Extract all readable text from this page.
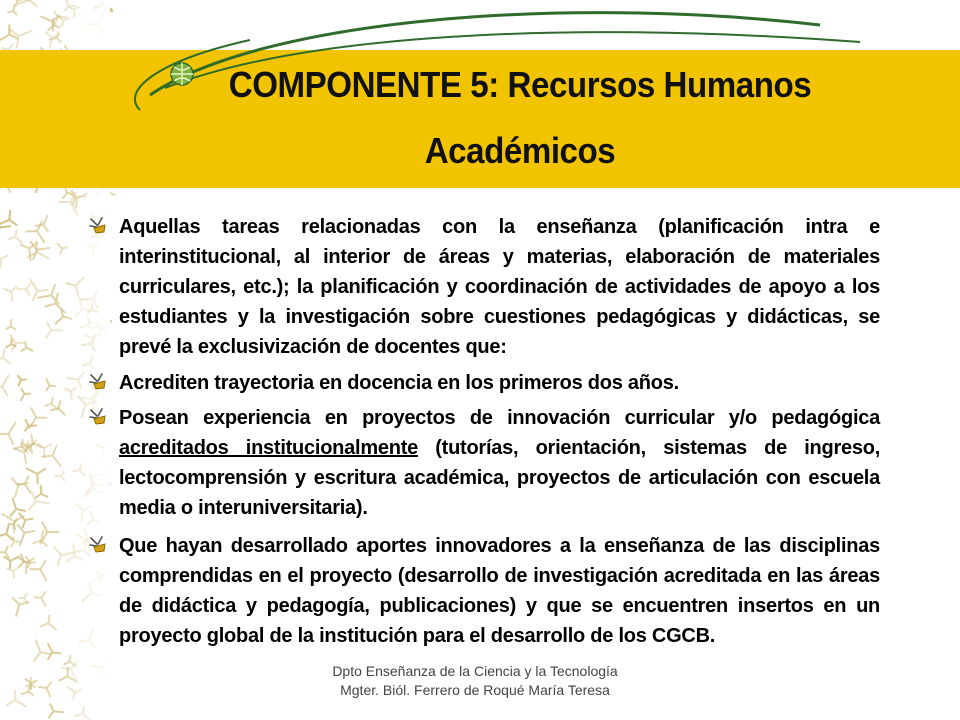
COMPONENTE 5: Recursos Humanos
Académicos
Aquellas tareas relacionadas con la enseñanza (planificación intra e interinstitucional, al interior de áreas y materias, elaboración de materiales curriculares, etc.); la planificación y coordinación de actividades de apoyo a los estudiantes y la investigación sobre cuestiones pedagógicas y didácticas, se prevé la exclusivización de docentes que:
Acrediten trayectoria en docencia en los primeros dos años.
Posean experiencia en proyectos de innovación curricular y/o pedagógica acreditados institucionalmente (tutorías, orientación, sistemas de ingreso, lectocomprensión y escritura académica, proyectos de articulación con escuela media o interuniversitaria).
Que hayan desarrollado aportes innovadores a la enseñanza de las disciplinas comprendidas en el proyecto (desarrollo de investigación acreditada en las áreas de didáctica y pedagogía, publicaciones) y que se encuentren insertos en un proyecto global de la institución para el desarrollo de los CGCB.
Dpto Enseñanza de la Ciencia y la Tecnología Mgter. Biól. Ferrero de Roqué María Teresa
